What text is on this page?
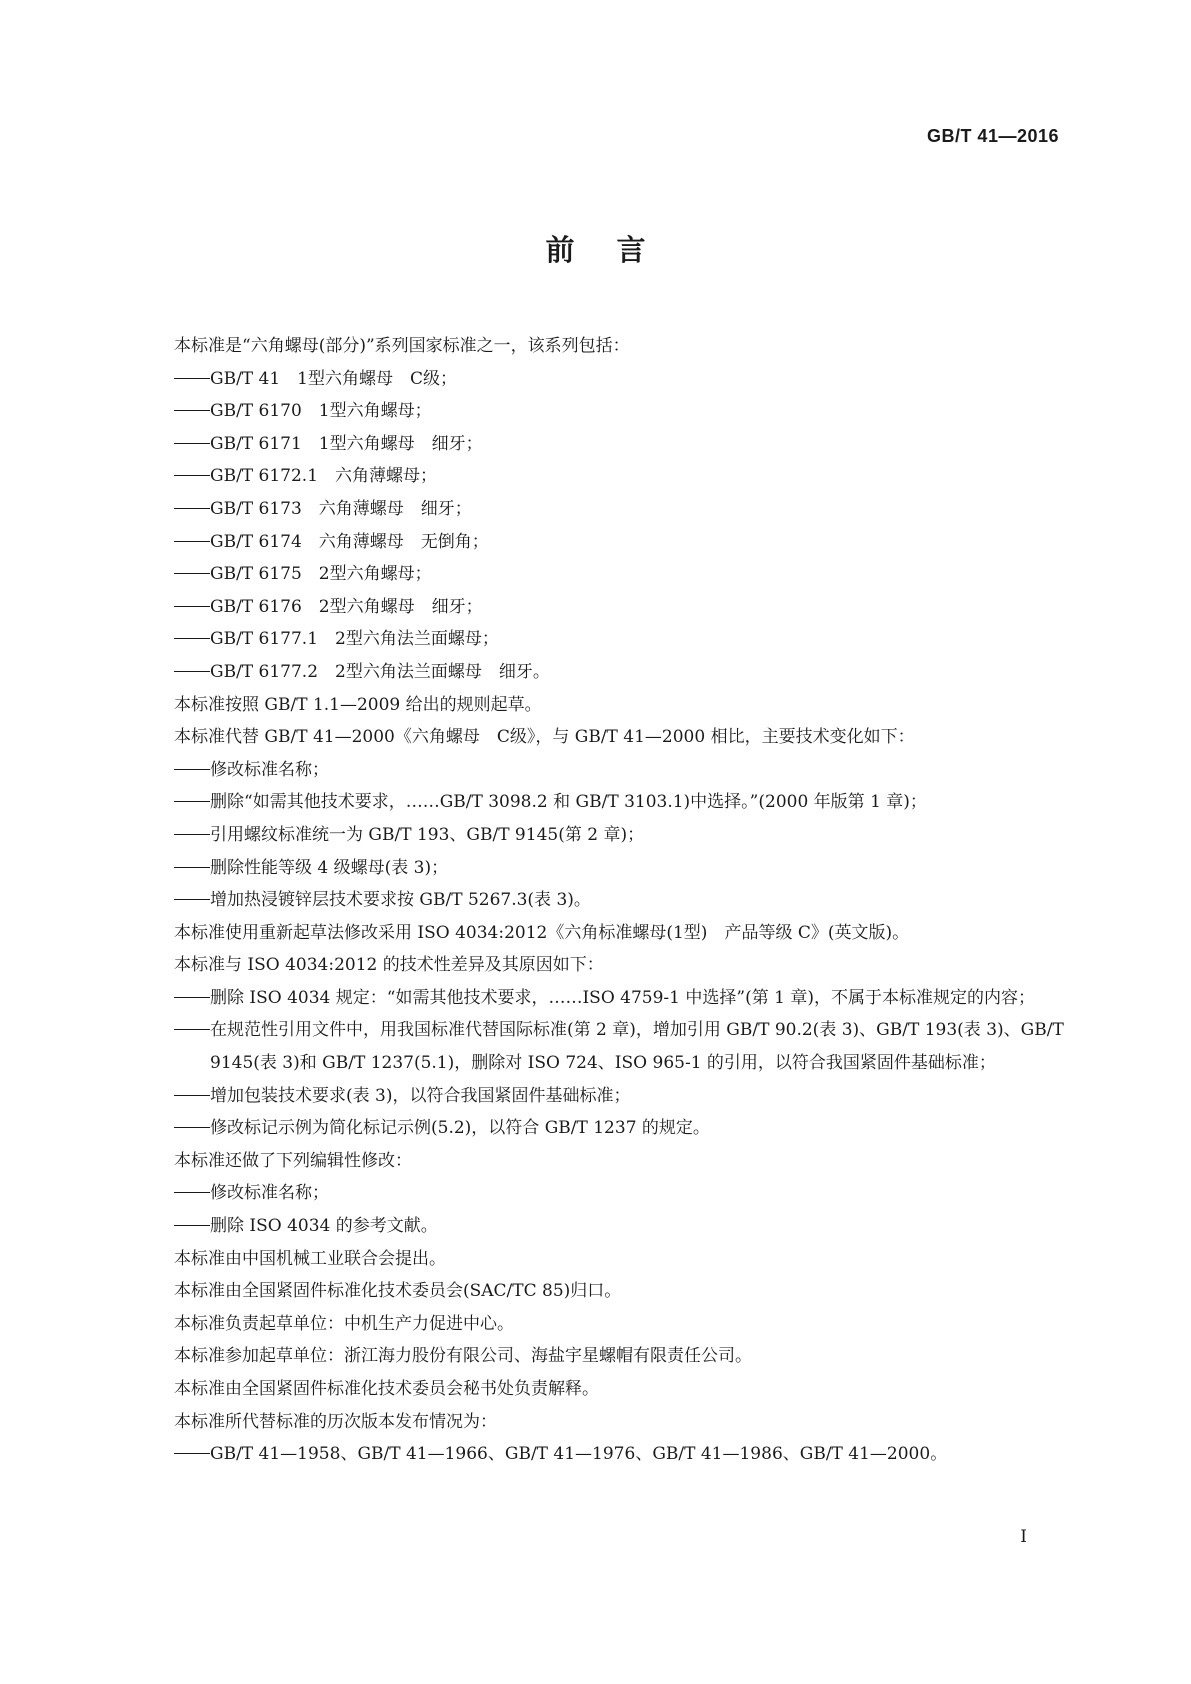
GB/T 41—2016
前言
本标准是“六角螺母(部分)”系列国家标准之一，该系列包括：
GB/T 41　1型六角螺母　C级；
GB/T 6170　1型六角螺母；
GB/T 6171　1型六角螺母　细牙；
GB/T 6172.1　六角薄螺母；
GB/T 6173　六角薄螺母　细牙；
GB/T 6174　六角薄螺母　无倒角；
GB/T 6175　2型六角螺母；
GB/T 6176　2型六角螺母　细牙；
GB/T 6177.1　2型六角法兰面螺母；
GB/T 6177.2　2型六角法兰面螺母　细牙。
本标准按照 GB/T 1.1—2009 给出的规则起草。
本标准代替 GB/T 41—2000《六角螺母　C级》，与 GB/T 41—2000 相比，主要技术变化如下：
修改标准名称；
删除“如需其他技术要求，……GB/T 3098.2 和 GB/T 3103.1)中选择。”(2000 年版第 1 章)；
引用螺纹标准统一为 GB/T 193、GB/T 9145(第 2 章)；
删除性能等级 4 级螺母(表 3)；
增加热浸镀锌层技术要求按 GB/T 5267.3(表 3)。
本标准使用重新起草法修改采用 ISO 4034:2012《六角标准螺母(1型)　产品等级 C》(英文版)。
本标准与 ISO 4034:2012 的技术性差异及其原因如下：
删除 ISO 4034 规定：“如需其他技术要求，……ISO 4759-1 中选择”(第 1 章)，不属于本标准规定的内容；
在规范性引用文件中，用我国标准代替国际标准(第 2 章)，增加引用 GB/T 90.2(表 3)、GB/T 193(表 3)、GB/T 9145(表 3)和 GB/T 1237(5.1)，删除对 ISO 724、ISO 965-1 的引用，以符合我国紧固件基础标准；
增加包装技术要求(表 3)，以符合我国紧固件基础标准；
修改标记示例为简化标记示例(5.2)，以符合 GB/T 1237 的规定。
本标准还做了下列编辑性修改：
修改标准名称；
删除 ISO 4034 的参考文献。
本标准由中国机械工业联合会提出。
本标准由全国紧固件标准化技术委员会(SAC/TC 85)归口。
本标准负责起草单位：中机生产力促进中心。
本标准参加起草单位：浙江海力股份有限公司、海盐宇星螺帽有限责任公司。
本标准由全国紧固件标准化技术委员会秘书处负责解释。
本标准所代替标准的历次版本发布情况为：
GB/T 41—1958、GB/T 41—1966、GB/T 41—1976、GB/T 41—1986、GB/T 41—2000。
I
